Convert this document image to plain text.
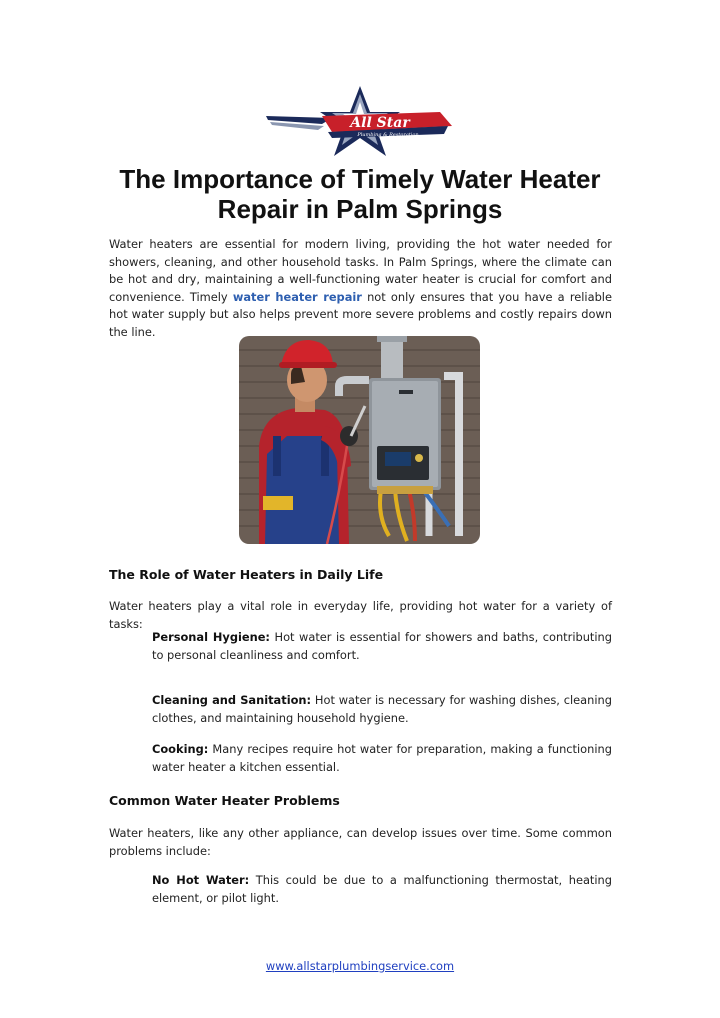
All Star
Plumbing & Restoration
The Importance of Timely Water Heater
Repair in Palm Springs

Water heaters are essential for modern living, providing the hot water needed for showers, cleaning, and other household tasks. In Palm Springs, where the climate can be hot and dry, maintaining a well-functioning water heater is crucial for comfort and convenience. Timely water heater repair not only ensures that you have a reliable hot water supply but also helps prevent more severe problems and costly repairs down the line.

The Role of Water Heaters in Daily Life

Water heaters play a vital role in everyday life, providing hot water for a variety of tasks:

Personal Hygiene: Hot water is essential for showers and baths, contributing to personal cleanliness and comfort.

Cleaning and Sanitation: Hot water is necessary for washing dishes, cleaning clothes, and maintaining household hygiene.

Cooking: Many recipes require hot water for preparation, making a functioning water heater a kitchen essential.

Common Water Heater Problems

Water heaters, like any other appliance, can develop issues over time. Some common problems include:

No Hot Water: This could be due to a malfunctioning thermostat, heating element, or pilot light.

www.allstarplumbingservice.com
